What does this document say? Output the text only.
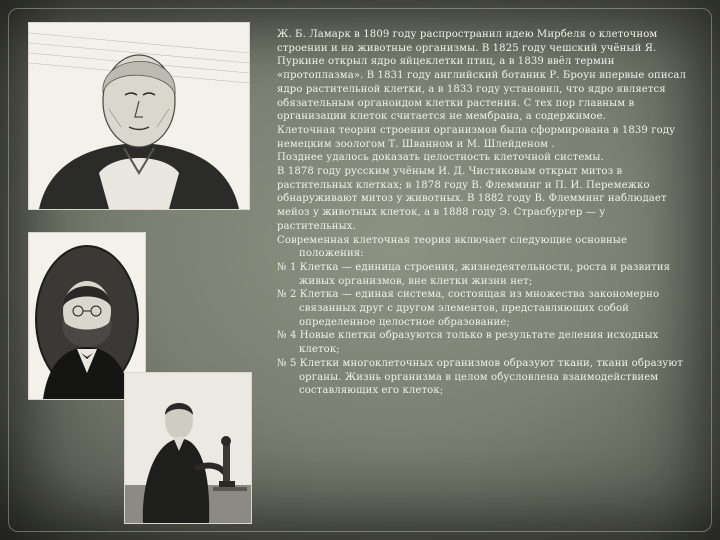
Ж. Б. Ламарк в 1809 году распространил идею Мирбеля о клеточном строении и на животные организмы. В 1825 году чешский учёный Я. Пуркине открыл ядро яйцеклетки птиц, а в 1839 ввёл термин «протоплазма». В 1831 году английский ботаник Р. Броун впервые описал ядро растительной клетки, а в 1833 году установил, что ядро является обязательным органоидом клетки растения. С тех пор главным в организации клеток считается не мембрана, а содержимое.

Клеточная теория строения организмов была сформирована в 1839 году немецким зоологом Т. Шванном и М. Шлейденом .

Позднее удалось доказать целостность клеточной системы.

В 1878 году русским учёным И. Д. Чистяковым открыт митоз в растительных клетках; в 1878 году В. Флемминг и П. И. Перемежко обнаруживают митоз у животных. В 1882 году В. Флемминг наблюдает мейоз у животных клеток, а в 1888 году Э. Страсбургер — у растительных.

Современная клеточная теория включает следующие основные положения:

№ 1 Клетка — единица строения, жизнедеятельности, роста и развития живых организмов, вне клетки жизни нет;

№ 2 Клетка — единая система, состоящая из множества закономерно связанных друг с другом элементов, представляющих собой определенное целостное образование;

№ 4 Новые клетки образуются только в результате деления исходных клеток;

№ 5 Клетки многоклеточных организмов образуют ткани, ткани образуют органы. Жизнь организма в целом обусловлена взаимодействием составляющих его клеток;
